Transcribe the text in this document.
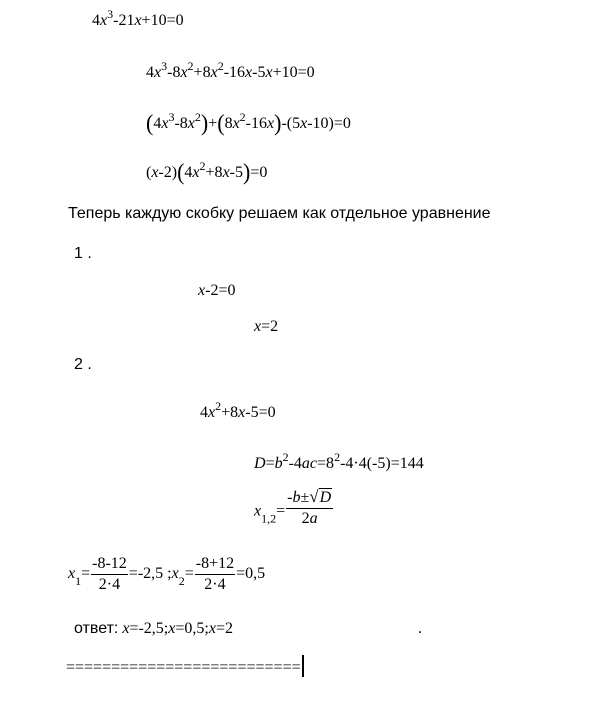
$4x^3-21x+10=0$
$4x^3-8x^2+8x^2-16x-5x+10=0$
$(4x^3-8x^2)+(8x^2-16x)-(5x-10)=0$
$(x-2)(4x^2+8x-5)=0$
Теперь каждую скобку решаем как отдельное уравнение
1 .
x-2=0
x=2
2 .
$4x^2+8x-5=0$
$D=b^2-4ac=8^2-4\cdot 4(-5)=144$
$x_{1,2}= \frac{-b\pm√D}{2a}$
$x_1= \frac{-8-12}{2\cdot 4} =-2,5$ $;x_2= \frac{-8+12}{2\cdot 4} =0,5$
ответ: x=-2,5;x=0,5;x=2	.
==========================
